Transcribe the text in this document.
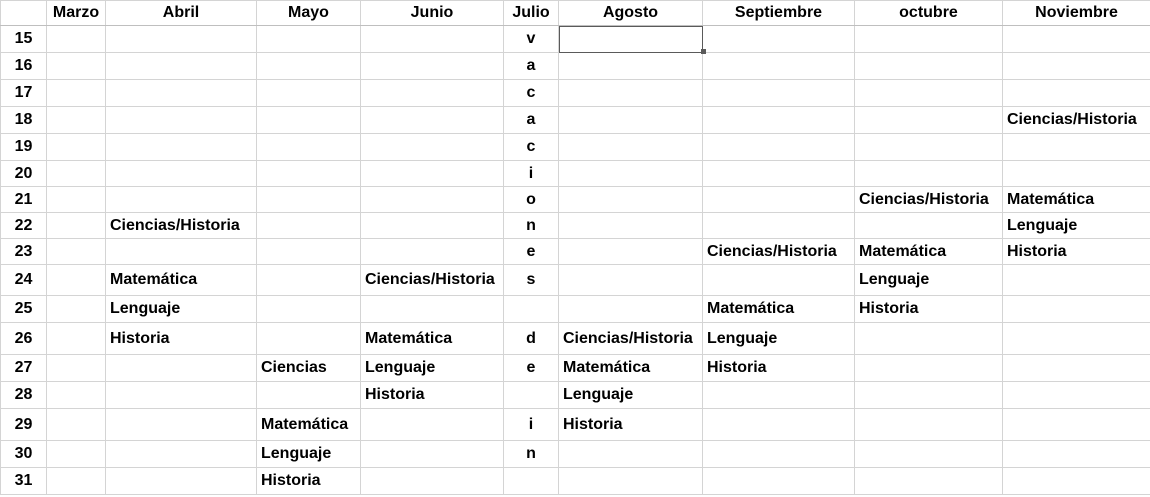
	Marzo	Abril	Mayo	Junio	Julio	Agosto	Septiembre	octubre	Noviembre
15					v				
16					a				
17					c				
18					a				Ciencias/Historia
19					c				
20					i				
21					o			Ciencias/Historia	Matemática
22		Ciencias/Historia			n				Lenguaje
23					e		Ciencias/Historia	Matemática	Historia
24		Matemática		Ciencias/Historia	s			Lenguaje	
25		Lenguaje					Matemática	Historia	
26		Historia		Matemática	d	Ciencias/Historia	Lenguaje		
27			Ciencias	Lenguaje	e	Matemática	Historia		
28				Historia		Lenguaje			
29			Matemática		i	Historia			
30			Lenguaje		n				
31			Historia						
